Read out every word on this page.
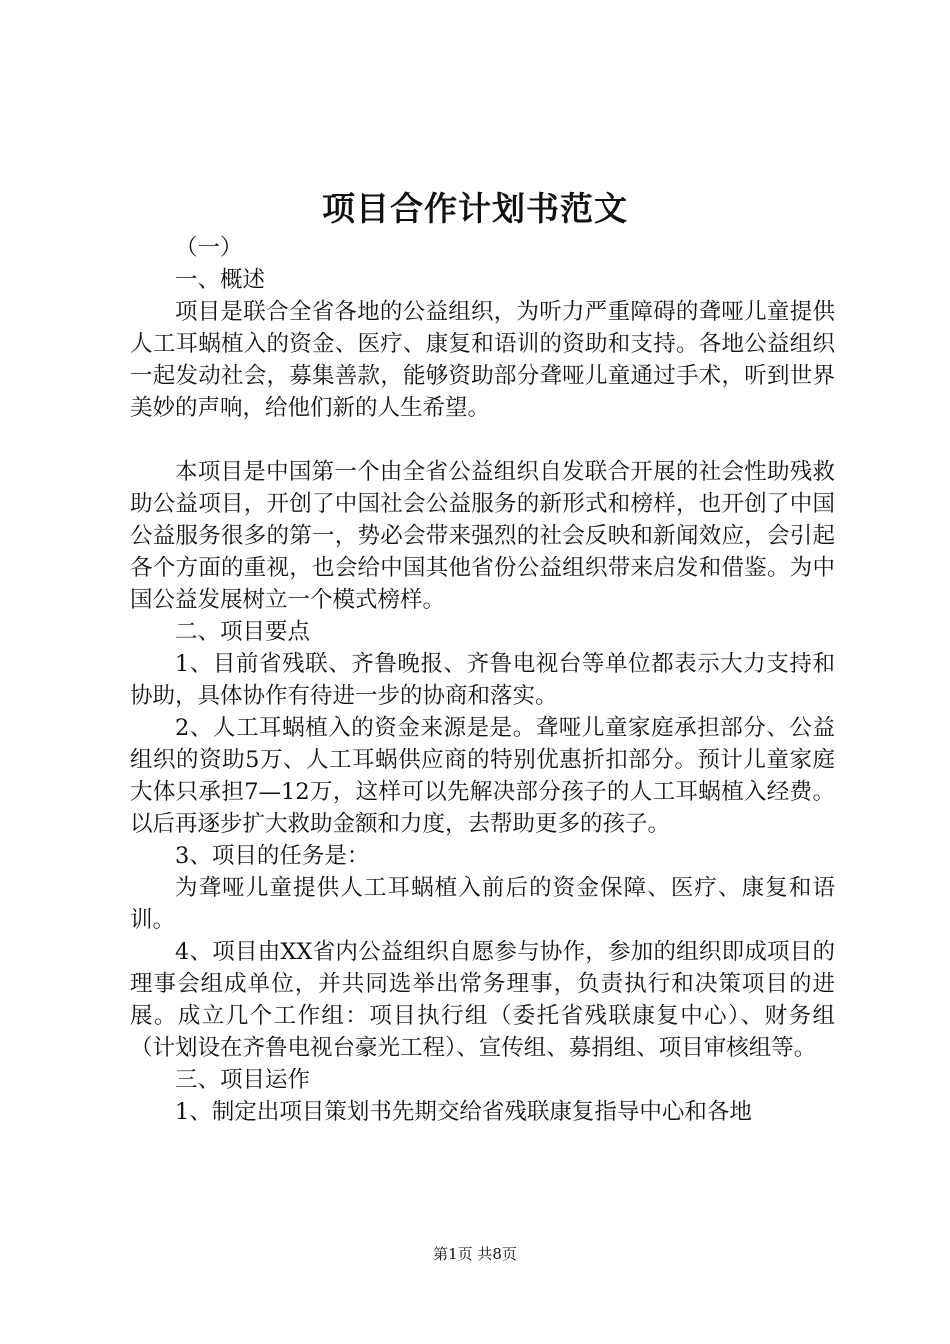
项目合作计划书范文

（一）

一、概述

项目是联合全省各地的公益组织，为听力严重障碍的聋哑儿童提供人工耳蜗植入的资金、医疗、康复和语训的资助和支持。各地公益组织一起发动社会，募集善款，能够资助部分聋哑儿童通过手术，听到世界美妙的声响，给他们新的人生希望。

本项目是中国第一个由全省公益组织自发联合开展的社会性助残救助公益项目，开创了中国社会公益服务的新形式和榜样，也开创了中国公益服务很多的第一，势必会带来强烈的社会反映和新闻效应，会引起各个方面的重视，也会给中国其他省份公益组织带来启发和借鉴。为中国公益发展树立一个模式榜样。

二、项目要点

1、目前省残联、齐鲁晚报、齐鲁电视台等单位都表示大力支持和协助，具体协作有待进一步的协商和落实。

2、人工耳蜗植入的资金来源是是。聋哑儿童家庭承担部分、公益组织的资助5万、人工耳蜗供应商的特别优惠折扣部分。预计儿童家庭大体只承担7—12万，这样可以先解决部分孩子的人工耳蜗植入经费。以后再逐步扩大救助金额和力度，去帮助更多的孩子。

3、项目的任务是：

为聋哑儿童提供人工耳蜗植入前后的资金保障、医疗、康复和语训。

4、项目由XX省内公益组织自愿参与协作，参加的组织即成项目的理事会组成单位，并共同选举出常务理事，负责执行和决策项目的进展。成立几个工作组：项目执行组（委托省残联康复中心）、财务组（计划设在齐鲁电视台豪光工程）、宣传组、募捐组、项目审核组等。

三、项目运作

1、制定出项目策划书先期交给省残联康复指导中心和各地

第1页 共8页
